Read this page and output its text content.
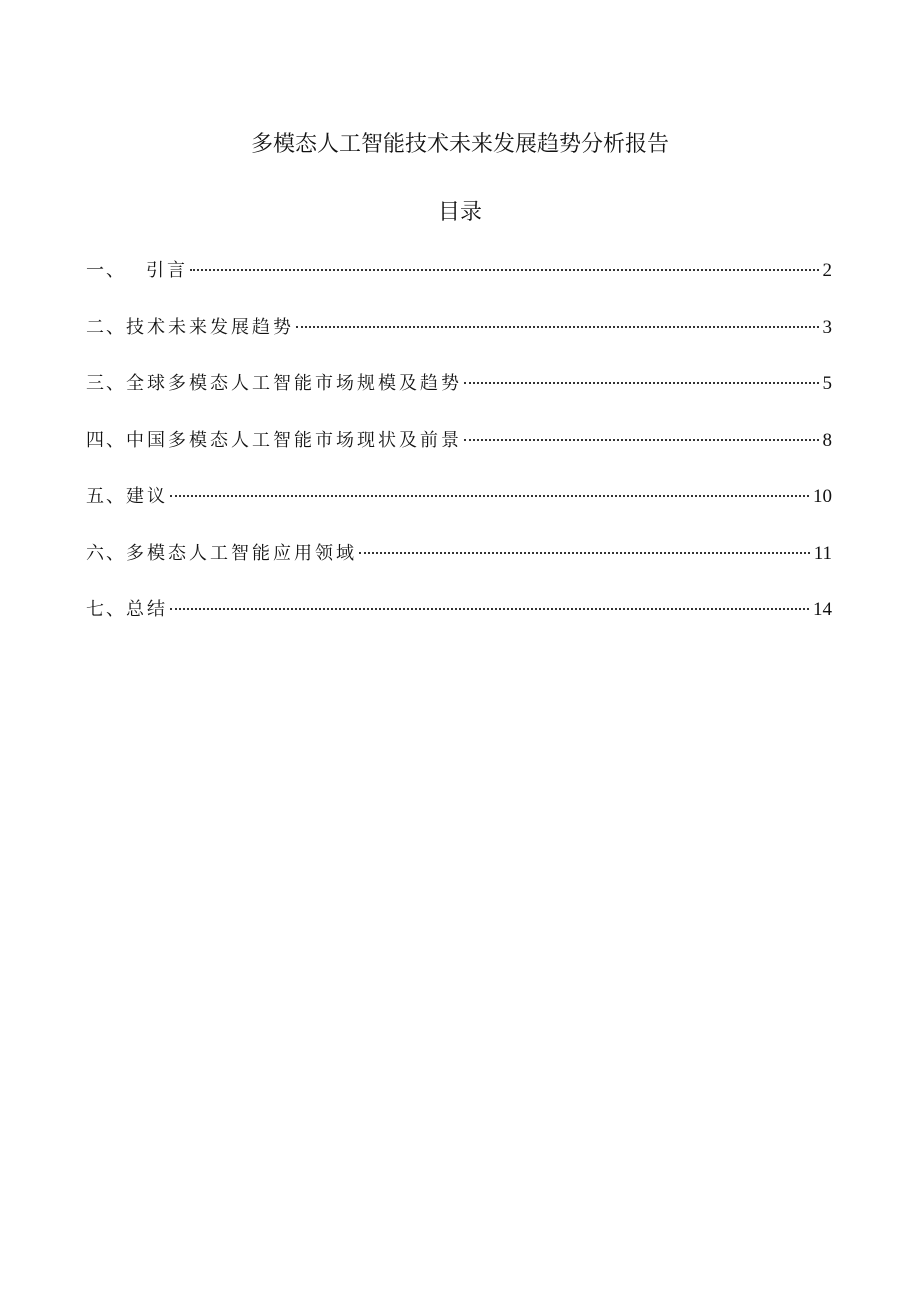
多模态人工智能技术未来发展趋势分析报告
目录
一、 引言	2
二、 技术未来发展趋势	3
三、 全球多模态人工智能市场规模及趋势	5
四、 中国多模态人工智能市场现状及前景	8
五、 建议	10
六、 多模态人工智能应用领域	11
七、 总结	14
